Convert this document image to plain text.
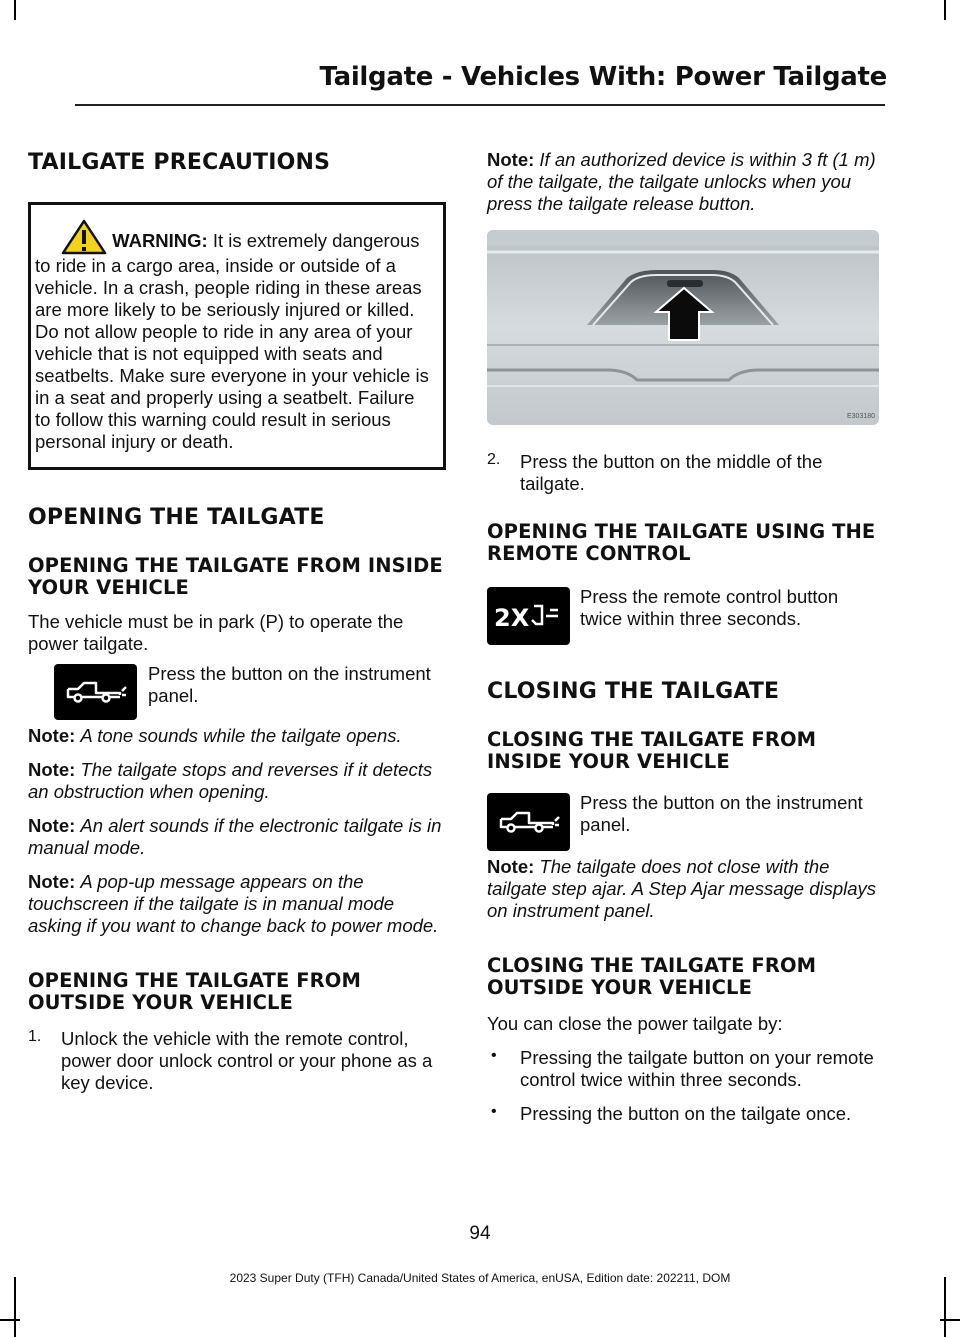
Tailgate - Vehicles With: Power Tailgate
TAILGATE PRECAUTIONS

WARNING: It is extremely dangerous to ride in a cargo area, inside or outside of a vehicle. In a crash, people riding in these areas are more likely to be seriously injured or killed. Do not allow people to ride in any area of your vehicle that is not equipped with seats and seatbelts. Make sure everyone in your vehicle is in a seat and properly using a seatbelt. Failure to follow this warning could result in serious personal injury or death.

OPENING THE TAILGATE
OPENING THE TAILGATE FROM INSIDE YOUR VEHICLE

The vehicle must be in park (P) to operate the power tailgate.

Press the button on the instrument panel.

Note: A tone sounds while the tailgate opens.

Note: The tailgate stops and reverses if it detects an obstruction when opening.

Note: An alert sounds if the electronic tailgate is in manual mode.

Note: A pop-up message appears on the touchscreen if the tailgate is in manual mode asking if you want to change back to power mode.

OPENING THE TAILGATE FROM OUTSIDE YOUR VEHICLE
1.	Unlock the vehicle with the remote control, power door unlock control or your phone as a key device.

Note: If an authorized device is within 3 ft (1 m) of the tailgate, the tailgate unlocks when you press the tailgate release button.

E303180
2.	Press the button on the middle of the tailgate.

OPENING THE TAILGATE USING THE REMOTE CONTROL
2X

Press the remote control button twice within three seconds.

CLOSING THE TAILGATE
CLOSING THE TAILGATE FROM INSIDE YOUR VEHICLE

Press the button on the instrument panel.

Note: The tailgate does not close with the tailgate step ajar. A Step Ajar message displays on instrument panel.

CLOSING THE TAILGATE FROM OUTSIDE YOUR VEHICLE

You can close the power tailgate by:

•	Pressing the tailgate button on your remote control twice within three seconds.

•	Pressing the button on the tailgate once.

94
2023 Super Duty (TFH) Canada/United States of America, enUSA, Edition date: 202211, DOM
